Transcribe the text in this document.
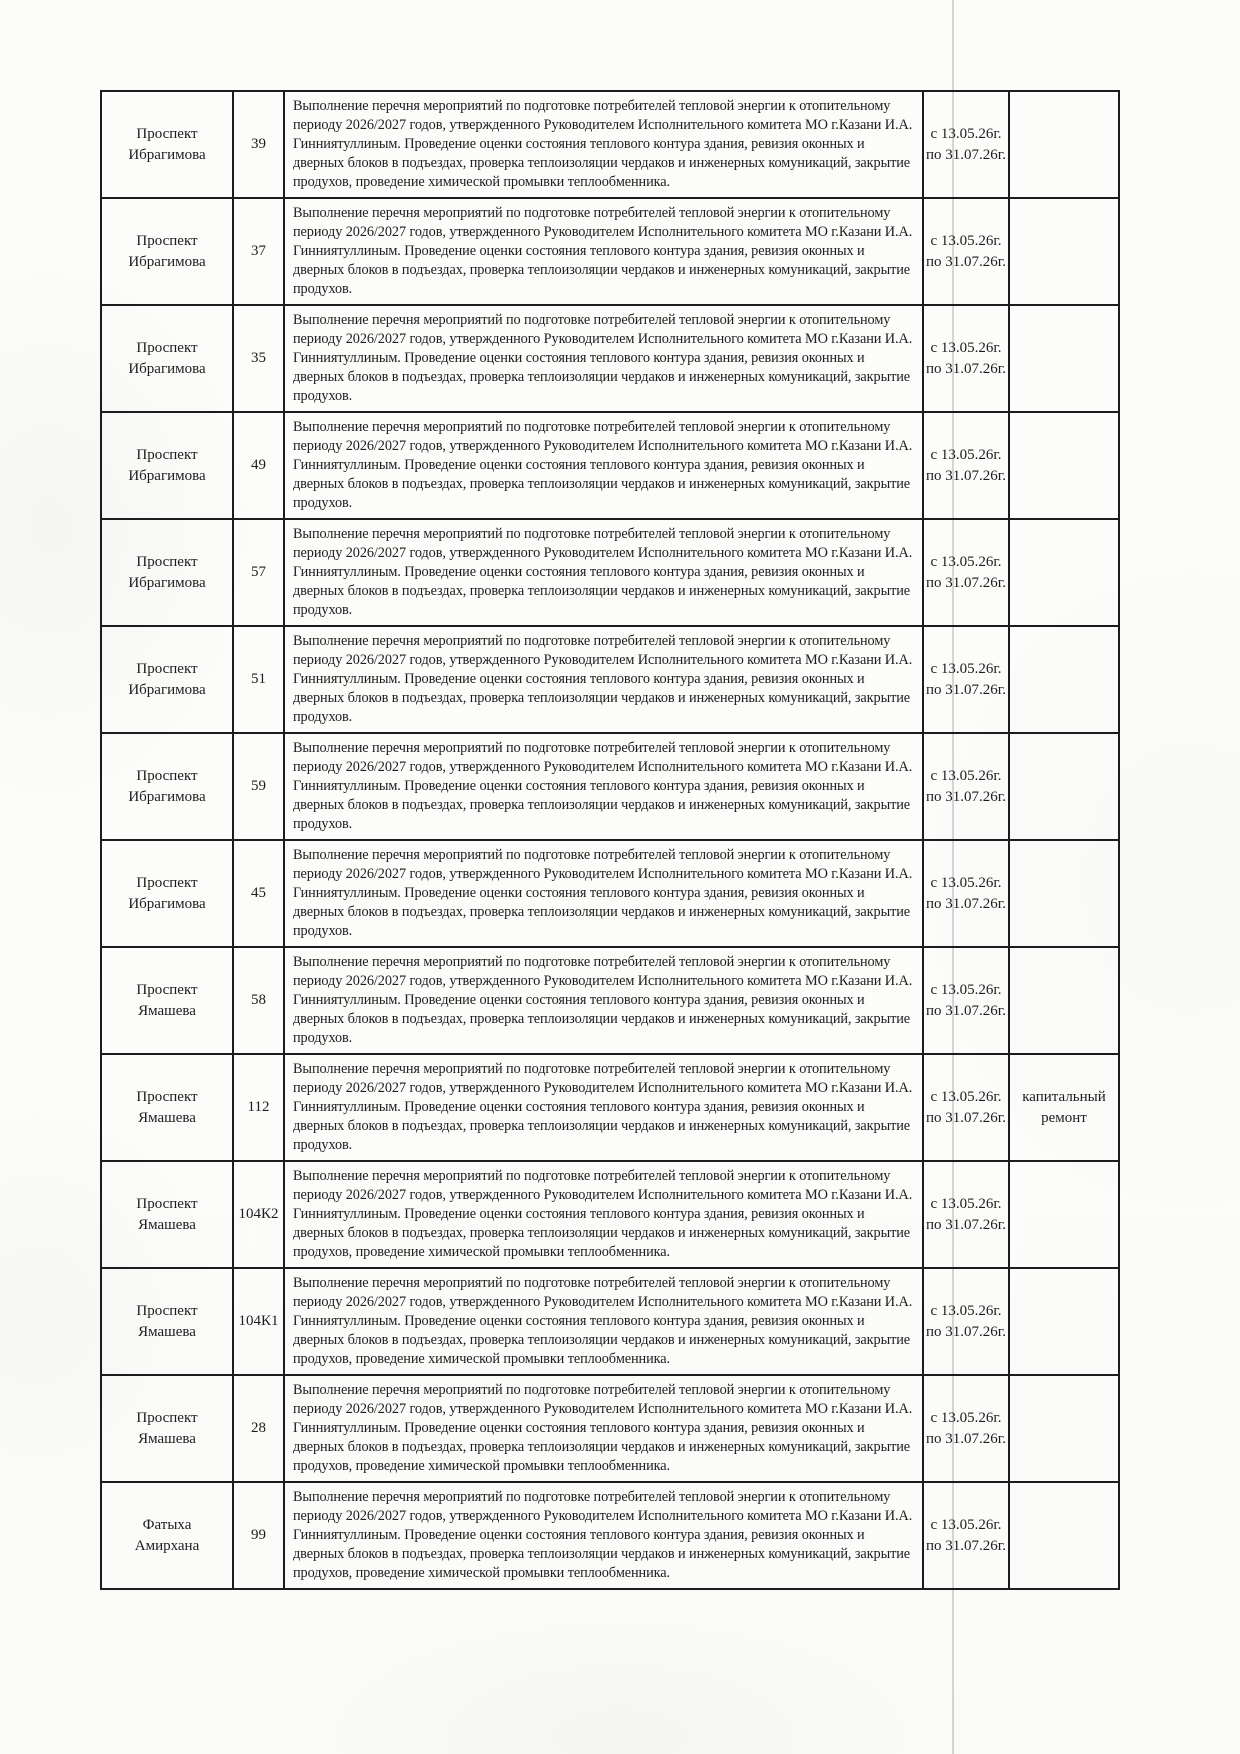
Проспект Ибрагимова	39	Выполнение перечня мероприятий по подготовке потребителей тепловой энергии к отопительному периоду 2026/2027 годов, утвержденного Руководителем Исполнительного комитета МО г.Казани И.А. Гинниятуллиным. Проведение оценки состояния теплового контура здания, ревизия оконных и дверных блоков в подъездах, проверка теплоизоляции чердаков и инженерных комуникаций, закрытие продухов, проведение химической промывки теплообменника.	с 13.05.26г.
по 31.07.26г.	

Проспект Ибрагимова	37	Выполнение перечня мероприятий по подготовке потребителей тепловой энергии к отопительному периоду 2026/2027 годов, утвержденного Руководителем Исполнительного комитета МО г.Казани И.А. Гинниятуллиным. Проведение оценки состояния теплового контура здания, ревизия оконных и дверных блоков в подъездах, проверка теплоизоляции чердаков и инженерных комуникаций, закрытие продухов.	с 13.05.26г.
по 31.07.26г.	

Проспект Ибрагимова	35	Выполнение перечня мероприятий по подготовке потребителей тепловой энергии к отопительному периоду 2026/2027 годов, утвержденного Руководителем Исполнительного комитета МО г.Казани И.А. Гинниятуллиным. Проведение оценки состояния теплового контура здания, ревизия оконных и дверных блоков в подъездах, проверка теплоизоляции чердаков и инженерных комуникаций, закрытие продухов.	с 13.05.26г.
по 31.07.26г.	

Проспект Ибрагимова	49	Выполнение перечня мероприятий по подготовке потребителей тепловой энергии к отопительному периоду 2026/2027 годов, утвержденного Руководителем Исполнительного комитета МО г.Казани И.А. Гинниятуллиным. Проведение оценки состояния теплового контура здания, ревизия оконных и дверных блоков в подъездах, проверка теплоизоляции чердаков и инженерных комуникаций, закрытие продухов.	с 13.05.26г.
по 31.07.26г.	

Проспект Ибрагимова	57	Выполнение перечня мероприятий по подготовке потребителей тепловой энергии к отопительному периоду 2026/2027 годов, утвержденного Руководителем Исполнительного комитета МО г.Казани И.А. Гинниятуллиным. Проведение оценки состояния теплового контура здания, ревизия оконных и дверных блоков в подъездах, проверка теплоизоляции чердаков и инженерных комуникаций, закрытие продухов.	с 13.05.26г.
по 31.07.26г.	

Проспект Ибрагимова	51	Выполнение перечня мероприятий по подготовке потребителей тепловой энергии к отопительному периоду 2026/2027 годов, утвержденного Руководителем Исполнительного комитета МО г.Казани И.А. Гинниятуллиным. Проведение оценки состояния теплового контура здания, ревизия оконных и дверных блоков в подъездах, проверка теплоизоляции чердаков и инженерных комуникаций, закрытие продухов.	с 13.05.26г.
по 31.07.26г.	

Проспект Ибрагимова	59	Выполнение перечня мероприятий по подготовке потребителей тепловой энергии к отопительному периоду 2026/2027 годов, утвержденного Руководителем Исполнительного комитета МО г.Казани И.А. Гинниятуллиным. Проведение оценки состояния теплового контура здания, ревизия оконных и дверных блоков в подъездах, проверка теплоизоляции чердаков и инженерных комуникаций, закрытие продухов.	с 13.05.26г.
по 31.07.26г.	

Проспект Ибрагимова	45	Выполнение перечня мероприятий по подготовке потребителей тепловой энергии к отопительному периоду 2026/2027 годов, утвержденного Руководителем Исполнительного комитета МО г.Казани И.А. Гинниятуллиным. Проведение оценки состояния теплового контура здания, ревизия оконных и дверных блоков в подъездах, проверка теплоизоляции чердаков и инженерных комуникаций, закрытие продухов.	с 13.05.26г.
по 31.07.26г.	

Проспект Ямашева	58	Выполнение перечня мероприятий по подготовке потребителей тепловой энергии к отопительному периоду 2026/2027 годов, утвержденного Руководителем Исполнительного комитета МО г.Казани И.А. Гинниятуллиным. Проведение оценки состояния теплового контура здания, ревизия оконных и дверных блоков в подъездах, проверка теплоизоляции чердаков и инженерных комуникаций, закрытие продухов.	с 13.05.26г.
по 31.07.26г.	

Проспект Ямашева	112	Выполнение перечня мероприятий по подготовке потребителей тепловой энергии к отопительному периоду 2026/2027 годов, утвержденного Руководителем Исполнительного комитета МО г.Казани И.А. Гинниятуллиным. Проведение оценки состояния теплового контура здания, ревизия оконных и дверных блоков в подъездах, проверка теплоизоляции чердаков и инженерных комуникаций, закрытие продухов.	с 13.05.26г.
по 31.07.26г.	капитальный ремонт
Проспект Ямашева	104К2	Выполнение перечня мероприятий по подготовке потребителей тепловой энергии к отопительному периоду 2026/2027 годов, утвержденного Руководителем Исполнительного комитета МО г.Казани И.А. Гинниятуллиным. Проведение оценки состояния теплового контура здания, ревизия оконных и дверных блоков в подъездах, проверка теплоизоляции чердаков и инженерных комуникаций, закрытие продухов, проведение химической промывки теплообменника.	с 13.05.26г.
по 31.07.26г.	

Проспект Ямашева	104К1	Выполнение перечня мероприятий по подготовке потребителей тепловой энергии к отопительному периоду 2026/2027 годов, утвержденного Руководителем Исполнительного комитета МО г.Казани И.А. Гинниятуллиным. Проведение оценки состояния теплового контура здания, ревизия оконных и дверных блоков в подъездах, проверка теплоизоляции чердаков и инженерных комуникаций, закрытие продухов, проведение химической промывки теплообменника.	с 13.05.26г.
по 31.07.26г.	

Проспект Ямашева	28	Выполнение перечня мероприятий по подготовке потребителей тепловой энергии к отопительному периоду 2026/2027 годов, утвержденного Руководителем Исполнительного комитета МО г.Казани И.А. Гинниятуллиным. Проведение оценки состояния теплового контура здания, ревизия оконных и дверных блоков в подъездах, проверка теплоизоляции чердаков и инженерных комуникаций, закрытие продухов, проведение химической промывки теплообменника.	с 13.05.26г.
по 31.07.26г.	

Фатыха Амирхана	99	Выполнение перечня мероприятий по подготовке потребителей тепловой энергии к отопительному периоду 2026/2027 годов, утвержденного Руководителем Исполнительного комитета МО г.Казани И.А. Гинниятуллиным. Проведение оценки состояния теплового контура здания, ревизия оконных и дверных блоков в подъездах, проверка теплоизоляции чердаков и инженерных комуникаций, закрытие продухов, проведение химической промывки теплообменника.	с 13.05.26г.
по 31.07.26г.	
